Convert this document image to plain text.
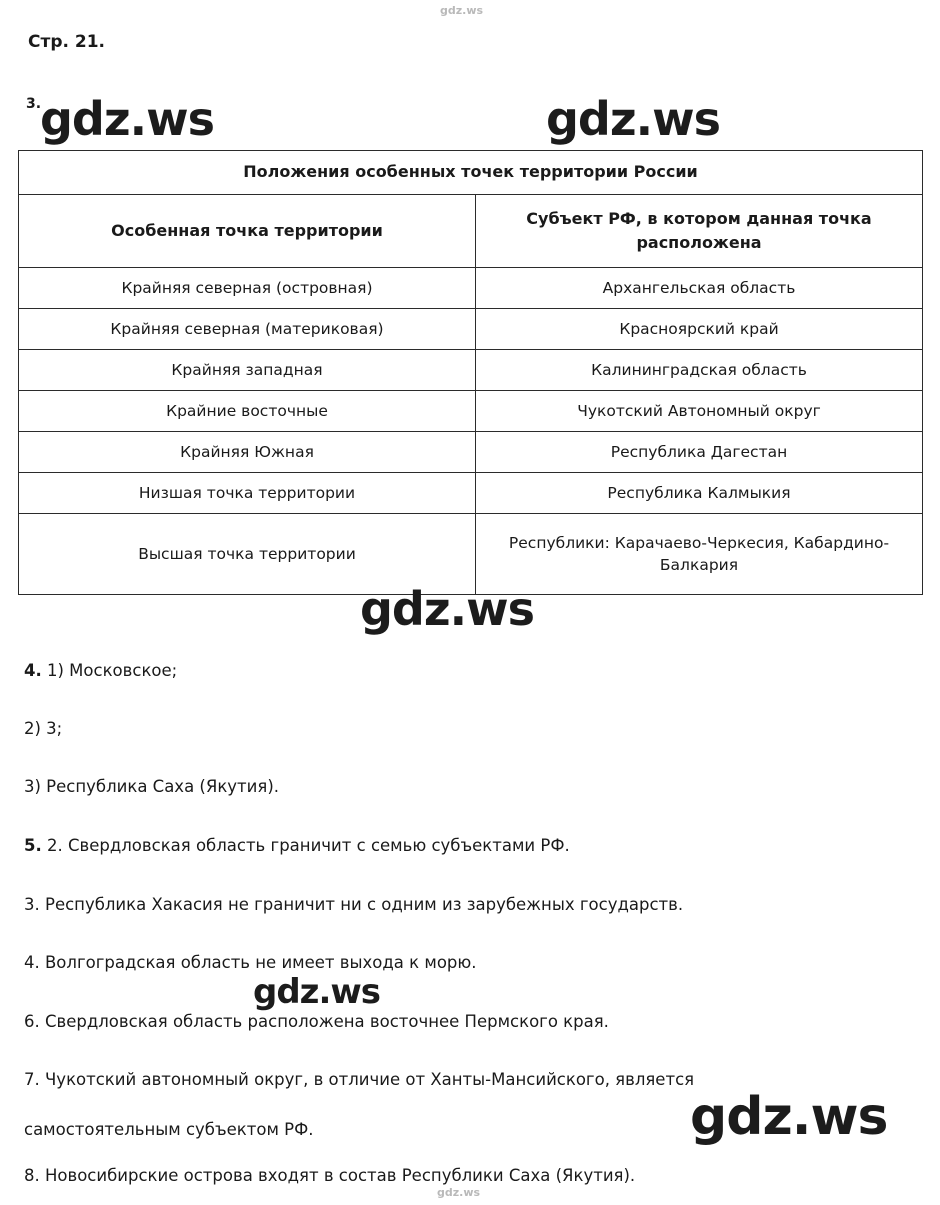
gdz.ws
gdz.ws
Стр. 21.
3.
gdz.ws	gdz.ws
Положения особенных точек территории России	
Особенная точка территории	Субъект РФ, в котором данная точка расположена
Крайняя северная (островная)	Архангельская область
Крайняя северная (материковая)	Красноярский край
Крайняя западная	Калининградская область
Крайние восточные	Чукотский Автономный округ
Крайняя Южная	Республика Дагестан
Низшая точка территории	Республика Калмыкия
Высшая точка территории	Республики: Карачаево-Черкесия, Кабардино-Балкария
gdz.ws

4. 1) Московское;

2) 3;

3) Республика Саха (Якутия).

5. 2. Свердловская область граничит с семью субъектами РФ.

3. Республика Хакасия не граничит ни с одним из зарубежных государств.

4. Волгоградская область не имеет выхода к морю.

gdz.ws

6. Свердловская область расположена восточнее Пермского края.

7. Чукотский автономный округ, в отличие от Ханты-Мансийского, является

самостоятельным субъектом РФ.	gdz.ws

8. Новосибирские острова входят в состав Республики Саха (Якутия).
